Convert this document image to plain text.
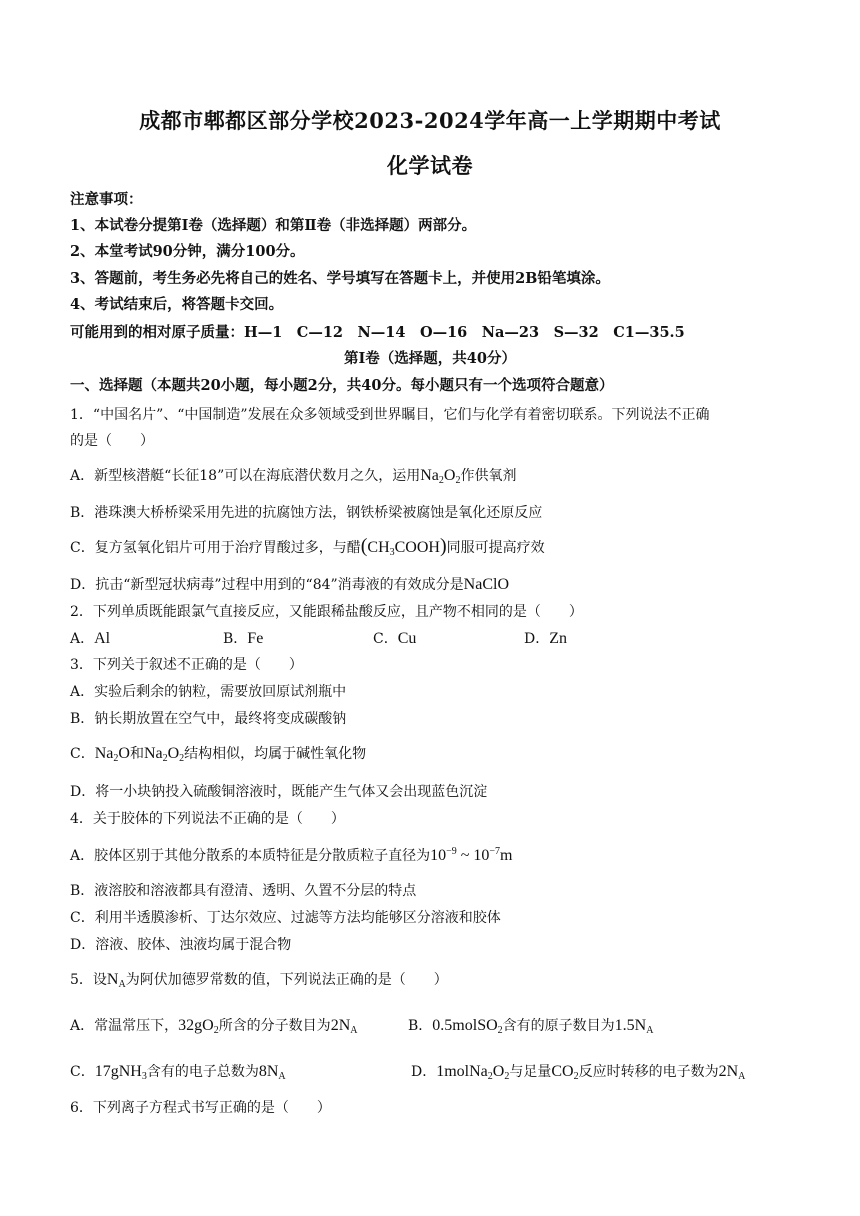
成都市郫都区部分学校2023-2024学年高一上学期期中考试
化学试卷
注意事项：
1、本试卷分提第Ⅰ卷（选择题）和第Ⅱ卷（非选择题）两部分。
2、本堂考试90分钟，满分100分。
3、答题前，考生务必先将自己的姓名、学号填写在答题卡上，并使用2B铅笔填涂。
4、考试结束后，将答题卡交回。
可能用到的相对原子质量：H—1　C—12　N—14　O—16　Na—23　S—32　C1—35.5
第Ⅰ卷（选择题，共40分）
一、选择题（本题共20小题，每小题2分，共40分。每小题只有一个选项符合题意）
1．“中国名片”、“中国制造”发展在众多领域受到世界瞩目，它们与化学有着密切联系。下列说法不正确
的是（　　）
A．新型核潜艇“长征18”可以在海底潜伏数月之久，运用$Na_2O_2$作供氧剂
B．港珠澳大桥桥梁采用先进的抗腐蚀方法，钢铁桥梁被腐蚀是氧化还原反应
C．复方氢氧化铝片可用于治疗胃酸过多，与醋$(CH_3COOH)$同服可提高疗效
D．抗击“新型冠状病毒”过程中用到的“84”消毒液的有效成分是NaClO
2．下列单质既能跟氯气直接反应，又能跟稀盐酸反应，且产物不相同的是（　　）
A．Al	B．Fe	C．Cu	D．Zn
3．下列关于叙述不正确的是（　　）
A．实验后剩余的钠粒，需要放回原试剂瓶中
B．钠长期放置在空气中，最终将变成碳酸钠
C．$Na_2O$和$Na_2O_2$结构相似，均属于碱性氧化物
D．将一小块钠投入硫酸铜溶液时，既能产生气体又会出现蓝色沉淀
4．关于胶体的下列说法不正确的是（　　）
A．胶体区别于其他分散系的本质特征是分散质粒子直径为$10^{-9}$ ~ $10^{-7}m$
B．液溶胶和溶液都具有澄清、透明、久置不分层的特点
C．利用半透膜渗析、丁达尔效应、过滤等方法均能够区分溶液和胶体
D．溶液、胶体、浊液均属于混合物
5．设$N_A$为阿伏加德罗常数的值，下列说法正确的是（　　）
A．常温常压下，$32gO_2$所含的分子数目为$2N_A$	B．0.5molSO$_2$含有的原子数目为$1.5N_A$
C．17gNH$_3$含有的电子总数为$8N_A$	D．$1molNa_2O_2$与足量$CO_2$反应时转移的电子数为$2N_A$
6．下列离子方程式书写正确的是（　　）
